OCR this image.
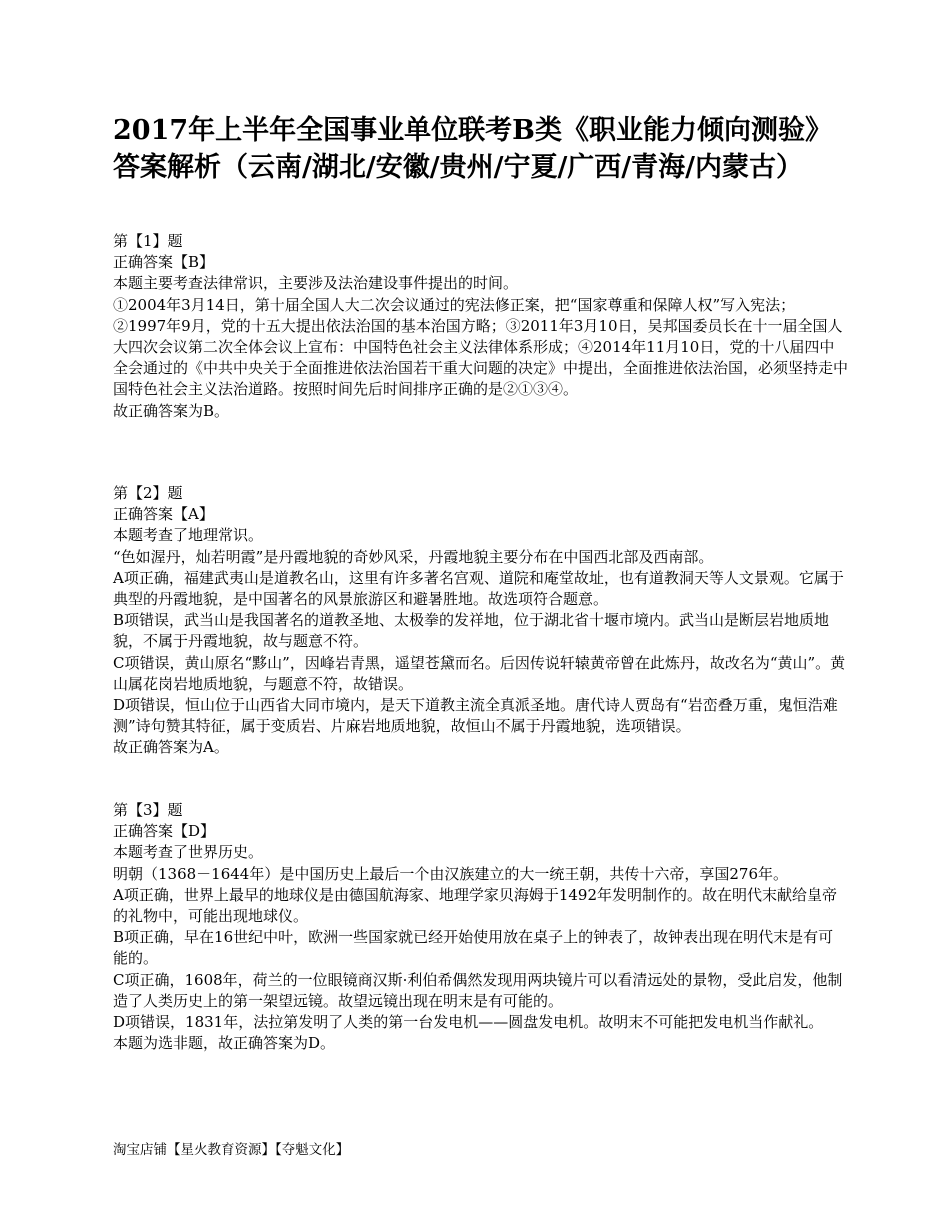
2017年上半年全国事业单位联考B类《职业能力倾向测验》
答案解析（云南/湖北/安徽/贵州/宁夏/广西/青海/内蒙古）
第【1】题
正确答案【B】
本题主要考查法律常识，主要涉及法治建设事件提出的时间。
①2004年3月14日，第十届全国人大二次会议通过的宪法修正案，把“国家尊重和保障人权”写入宪法；②1997年9月，党的十五大提出依法治国的基本治国方略；③2011年3月10日，吴邦国委员长在十一届全国人大四次会议第二次全体会议上宣布：中国特色社会主义法律体系形成；④2014年11月10日，党的十八届四中全会通过的《中共中央关于全面推进依法治国若干重大问题的决定》中提出，全面推进依法治国，必须坚持走中国特色社会主义法治道路。按照时间先后时间排序正确的是②①③④。
故正确答案为B。
第【2】题
正确答案【A】
本题考查了地理常识。
“色如渥丹，灿若明霞”是丹霞地貌的奇妙风采，丹霞地貌主要分布在中国西北部及西南部。
A项正确，福建武夷山是道教名山，这里有许多著名宫观、道院和庵堂故址，也有道教洞天等人文景观。它属于典型的丹霞地貌，是中国著名的风景旅游区和避暑胜地。故选项符合题意。
B项错误，武当山是我国著名的道教圣地、太极拳的发祥地，位于湖北省十堰市境内。武当山是断层岩地质地貌，不属于丹霞地貌，故与题意不符。
C项错误，黄山原名“黟山”，因峰岩青黑，遥望苍黛而名。后因传说轩辕黄帝曾在此炼丹，故改名为“黄山”。黄山属花岗岩地质地貌，与题意不符，故错误。
D项错误，恒山位于山西省大同市境内，是天下道教主流全真派圣地。唐代诗人贾岛有“岩峦叠万重，鬼恒浩难测”诗句赞其特征，属于变质岩、片麻岩地质地貌，故恒山不属于丹霞地貌，选项错误。
故正确答案为A。
第【3】题
正确答案【D】
本题考查了世界历史。
明朝（1368－1644年）是中国历史上最后一个由汉族建立的大一统王朝，共传十六帝，享国276年。
A项正确，世界上最早的地球仪是由德国航海家、地理学家贝海姆于1492年发明制作的。故在明代末献给皇帝的礼物中，可能出现地球仪。
B项正确，早在16世纪中叶，欧洲一些国家就已经开始使用放在桌子上的钟表了，故钟表出现在明代末是有可能的。
C项正确，1608年，荷兰的一位眼镜商汉斯·利伯希偶然发现用两块镜片可以看清远处的景物，受此启发，他制造了人类历史上的第一架望远镜。故望远镜出现在明末是有可能的。
D项错误，1831年，法拉第发明了人类的第一台发电机——圆盘发电机。故明末不可能把发电机当作献礼。
本题为选非题，故正确答案为D。
淘宝店铺【星火教育资源】【夺魁文化】
